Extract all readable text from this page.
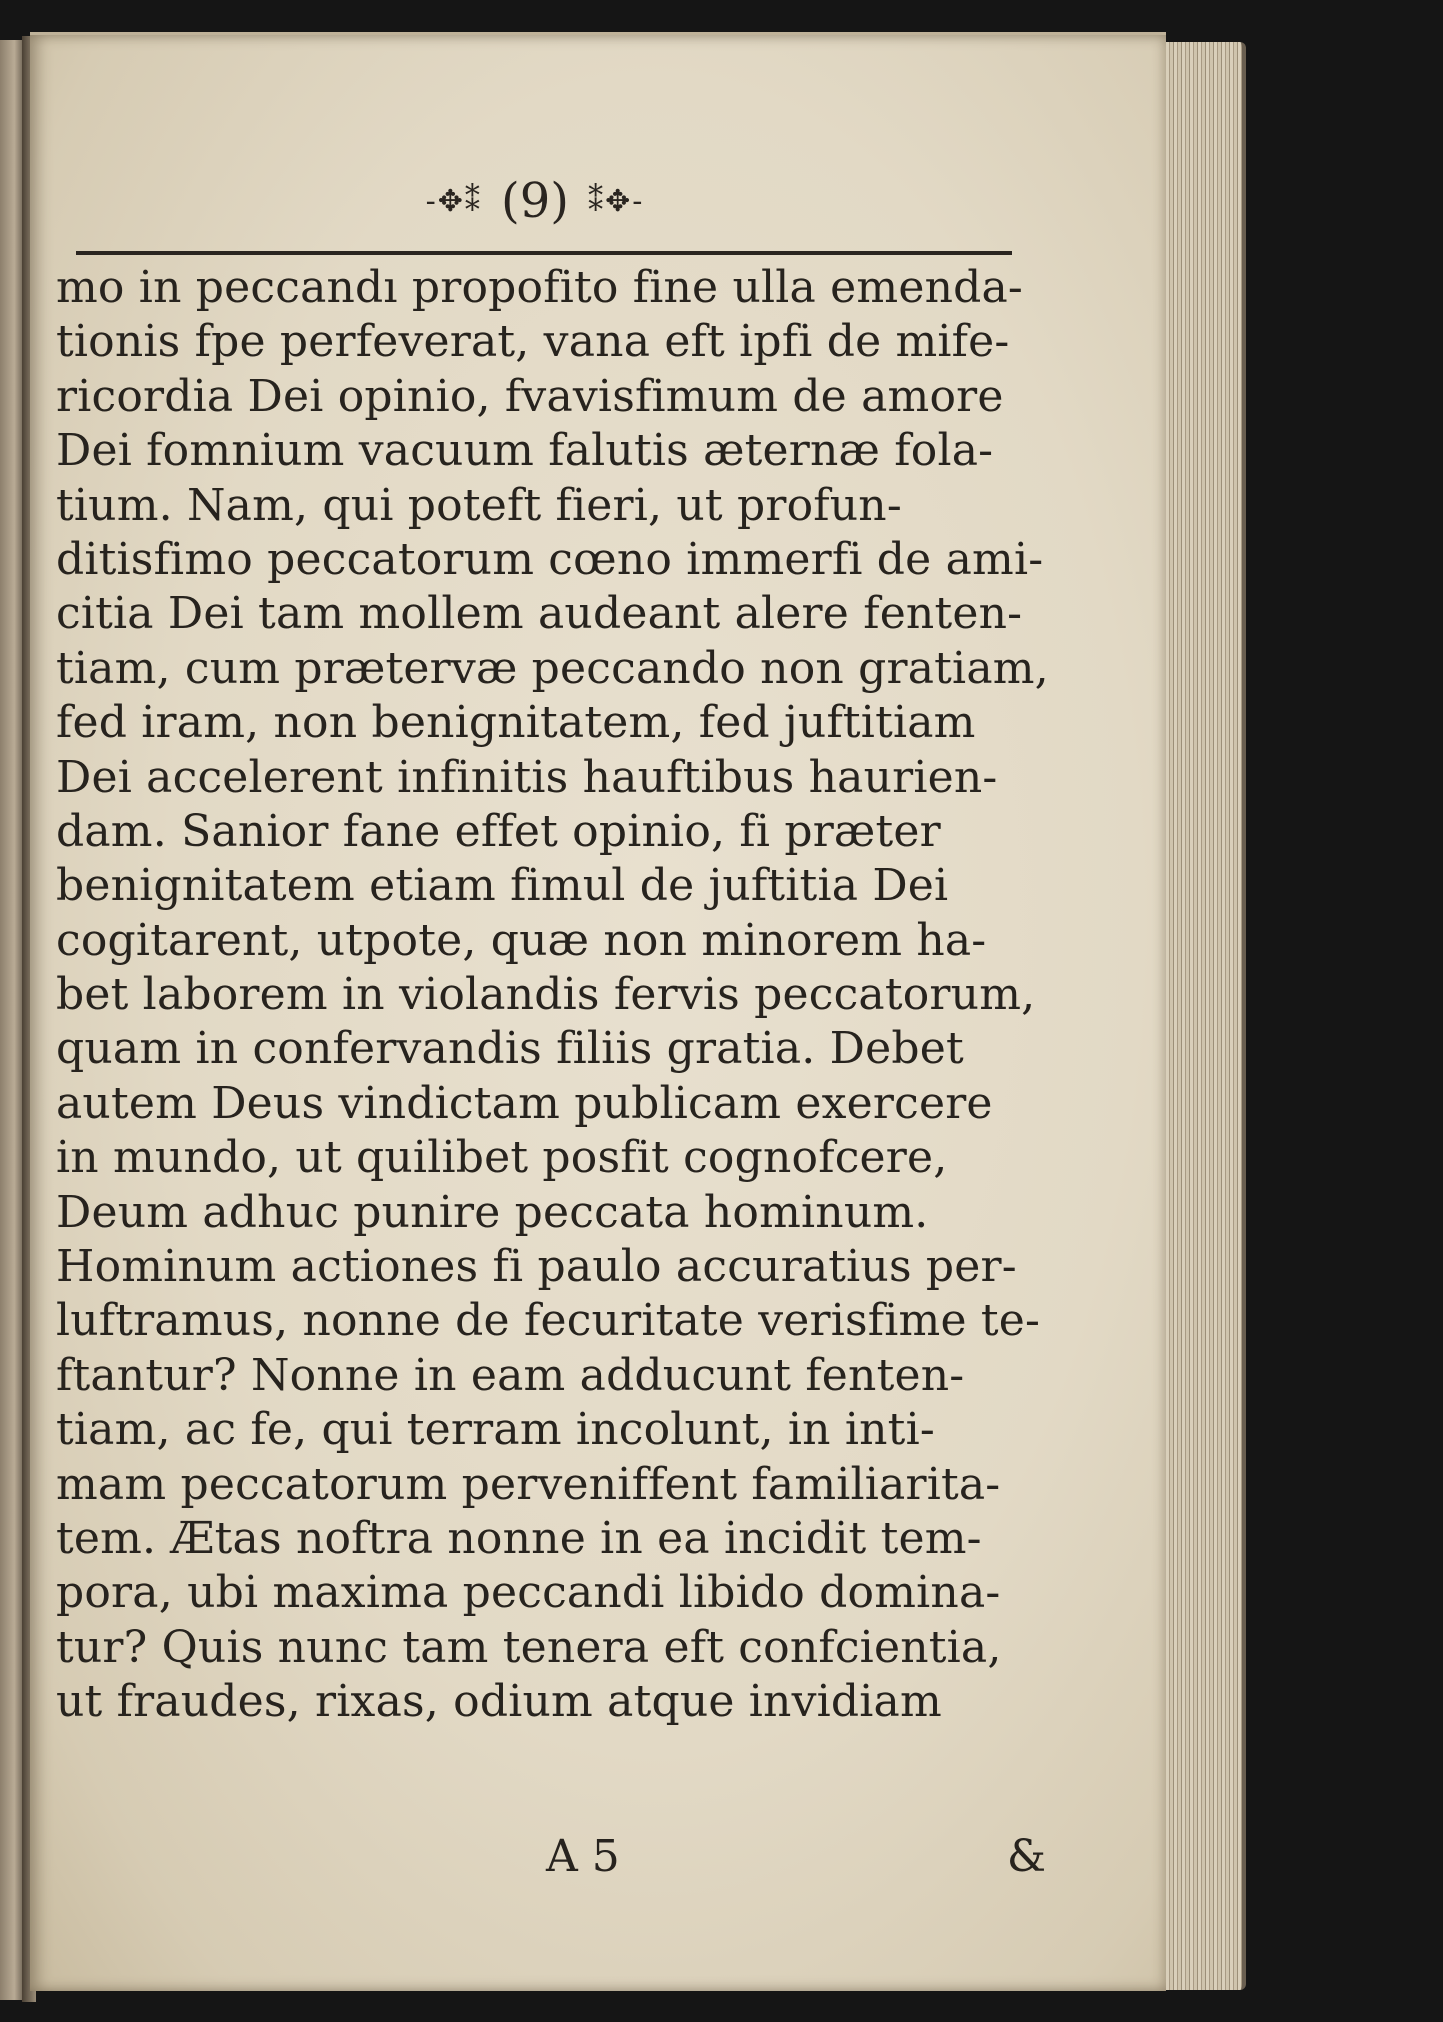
-✥⁑ (9) ⁑✥-
mo in peccandı propofito fine ulla emenda-
tionis fpe perfeverat, vana eft ipfi de mife-
ricordia Dei opinio, fvavisfimum de amore
Dei fomnium vacuum falutis æternæ fola-
tium. Nam, qui poteft fieri, ut profun-
ditisfimo peccatorum cœno immerfi de ami-
citia Dei tam mollem audeant alere fenten-
tiam, cum prætervæ peccando non gratiam,
fed iram, non benignitatem, fed juftitiam
Dei accelerent infinitis hauftibus haurien-
dam. Sanior fane effet opinio, fi præter
benignitatem etiam fimul de juftitia Dei
cogitarent, utpote, quæ non minorem ha-
bet laborem in violandis fervis peccatorum,
quam in confervandis filiis gratia. Debet
autem Deus vindictam publicam exercere
in mundo, ut quilibet posfit cognofcere,
Deum adhuc punire peccata hominum.
Hominum actiones fi paulo accuratius per-
luftramus, nonne de fecuritate verisfime te-
ftantur? Nonne in eam adducunt fenten-
tiam, ac fe, qui terram incolunt, in inti-
mam peccatorum perveniffent familiarita-
tem. Ætas noftra nonne in ea incidit tem-
pora, ubi maxima peccandi libido domina-
tur? Quis nunc tam tenera eft confcientia,
ut fraudes, rixas, odium atque invidiam
A 5	&
